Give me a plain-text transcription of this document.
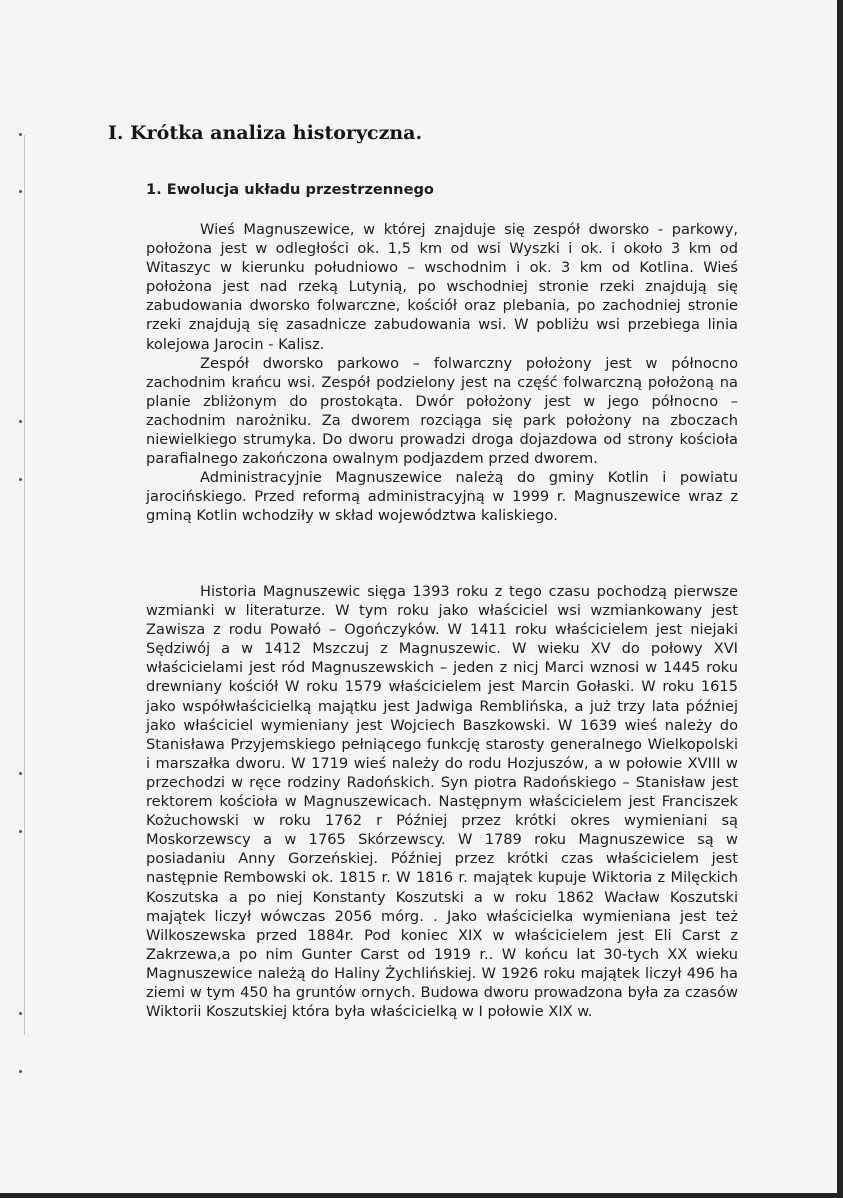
I. Krótka analiza historyczna.
1. Ewolucja układu przestrzennego

Wieś Magnuszewice, w której znajduje się zespół dworsko - parkowy, położona jest w odległości ok. 1,5 km od wsi Wyszki i ok. i około 3 km od Witaszyc w kierunku południowo – wschodnim i ok. 3 km od Kotlina. Wieś położona jest nad rzeką Lutynią, po wschodniej stronie rzeki znajdują się zabudowania dworsko folwarczne, kościół oraz plebania, po zachodniej stronie rzeki znajdują się zasadnicze zabudowania wsi. W pobliżu wsi przebiega linia kolejowa Jarocin - Kalisz.

Zespół dworsko parkowo – folwarczny położony jest w północno zachodnim krańcu wsi. Zespół podzielony jest na część folwarczną położoną na planie zbliżonym do prostokąta. Dwór położony jest w jego północno – zachodnim narożniku. Za dworem rozciąga się park położony na zboczach niewielkiego strumyka. Do dworu prowadzi droga dojazdowa od strony kościoła parafialnego zakończona owalnym podjazdem przed dworem.

Administracyjnie Magnuszewice należą do gminy Kotlin i powiatu jarocińskiego. Przed reformą administracyjną w 1999 r. Magnuszewice wraz z gminą Kotlin wchodziły w skład województwa kaliskiego.

Historia Magnuszewic sięga 1393 roku z tego czasu pochodzą pierwsze wzmianki w literaturze. W tym roku jako właściciel wsi wzmiankowany jest Zawisza z rodu Powałó – Ogończyków. W 1411 roku właścicielem jest niejaki Sędziwój a w 1412 Mszczuj z Magnuszewic. W wieku XV do połowy XVI właścicielami jest ród Magnuszewskich – jeden z nicj Marci wznosi w 1445 roku drewniany kościół W roku 1579 właścicielem jest Marcin Gołaski. W roku 1615 jako współwłaścicielką majątku jest Jadwiga Remblińska, a już trzy lata później jako właściciel wymieniany jest Wojciech Baszkowski. W 1639 wieś należy do Stanisława Przyjemskiego pełniącego funkcję starosty generalnego Wielkopolski i marszałka dworu. W 1719 wieś należy do rodu Hozjuszów, a w połowie XVIII w przechodzi w ręce rodziny Radońskich. Syn piotra Radońskiego – Stanisław jest rektorem kościoła w Magnuszewicach. Następnym właścicielem jest Franciszek Kożuchowski w roku 1762 r Później przez krótki okres wymieniani są Moskorzewscy a w 1765 Skórzewscy. W 1789 roku Magnuszewice są w posiadaniu Anny Gorzeńskiej. Później przez krótki czas właścicielem jest następnie Rembowski ok. 1815 r. W 1816 r. majątek kupuje Wiktoria z Milęckich Koszutska a po niej Konstanty Koszutski a w roku 1862 Wacław Koszutski majątek liczył wówczas 2056 mórg. . Jako właścicielka wymieniana jest też Wilkoszewska przed 1884r. Pod koniec XIX w właścicielem jest Eli Carst z Zakrzewa,a po nim Gunter Carst od 1919 r.. W końcu lat 30-tych XX wieku Magnuszewice należą do Haliny Żychlińskiej. W 1926 roku majątek liczył 496 ha ziemi w tym 450 ha gruntów ornych. Budowa dworu prowadzona była za czasów Wiktorii Koszutskiej która była właścicielką w I połowie XIX w.
